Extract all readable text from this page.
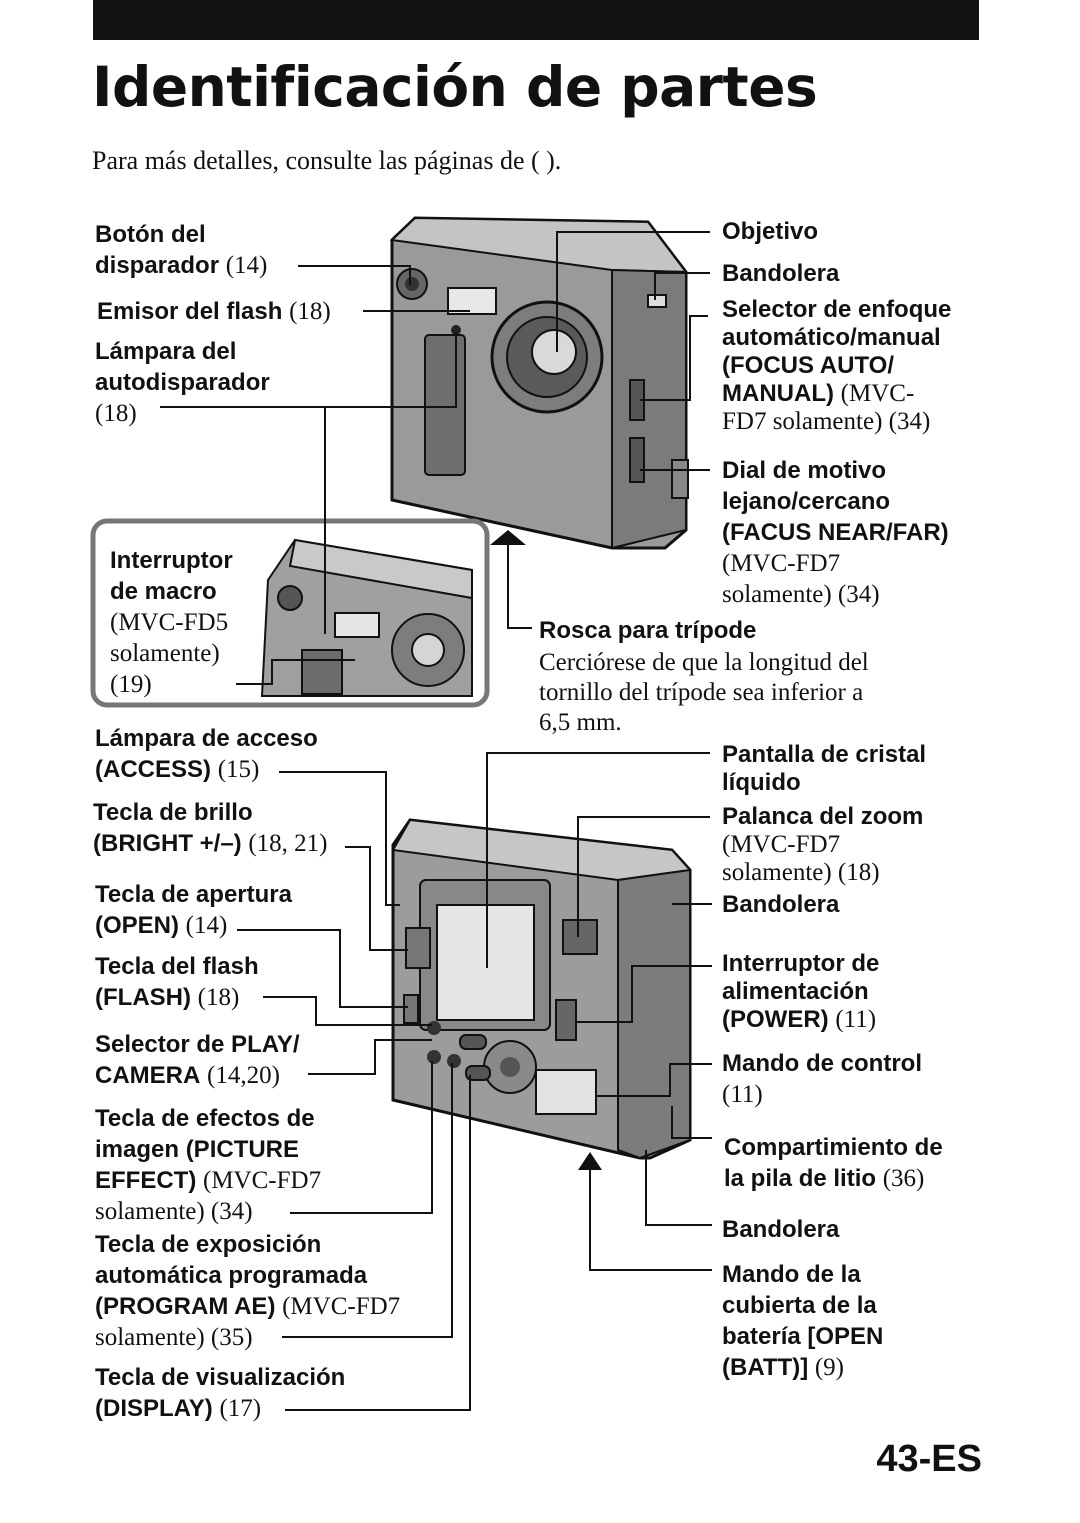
Identificación de partes
Para más detalles, consulte las páginas de ( ).
Botón del
disparador (14)
Emisor del flash (18)
Lámpara del
autodisparador
(18)
Interruptor
de macro
(MVC-FD5
solamente)
(19)
Objetivo
Bandolera
Selector de enfoque
automático/manual
(FOCUS AUTO/
MANUAL) (MVC-
FD7 solamente) (34)
Dial de motivo
lejano/cercano
(FACUS NEAR/FAR)
(MVC-FD7
solamente) (34)
Rosca para trípode
Cerciórese de que la longitud del
tornillo del trípode sea inferior a
6,5 mm.
Lámpara de acceso
(ACCESS) (15)
Tecla de brillo
(BRIGHT +/–) (18, 21)
Tecla de apertura
(OPEN) (14)
Tecla del flash
(FLASH) (18)
Selector de PLAY/
CAMERA (14,20)
Tecla de efectos de
imagen (PICTURE
EFFECT) (MVC-FD7
solamente) (34)
Tecla de exposición
automática programada
(PROGRAM AE) (MVC-FD7
solamente) (35)
Tecla de visualización
(DISPLAY) (17)
Pantalla de cristal
líquido
Palanca del zoom
(MVC-FD7
solamente) (18)
Bandolera
Interruptor de
alimentación
(POWER) (11)
Mando de control
(11)
Compartimiento de
la pila de litio (36)
Bandolera
Mando de la
cubierta de la
batería [OPEN
(BATT)] (9)
43-ES
